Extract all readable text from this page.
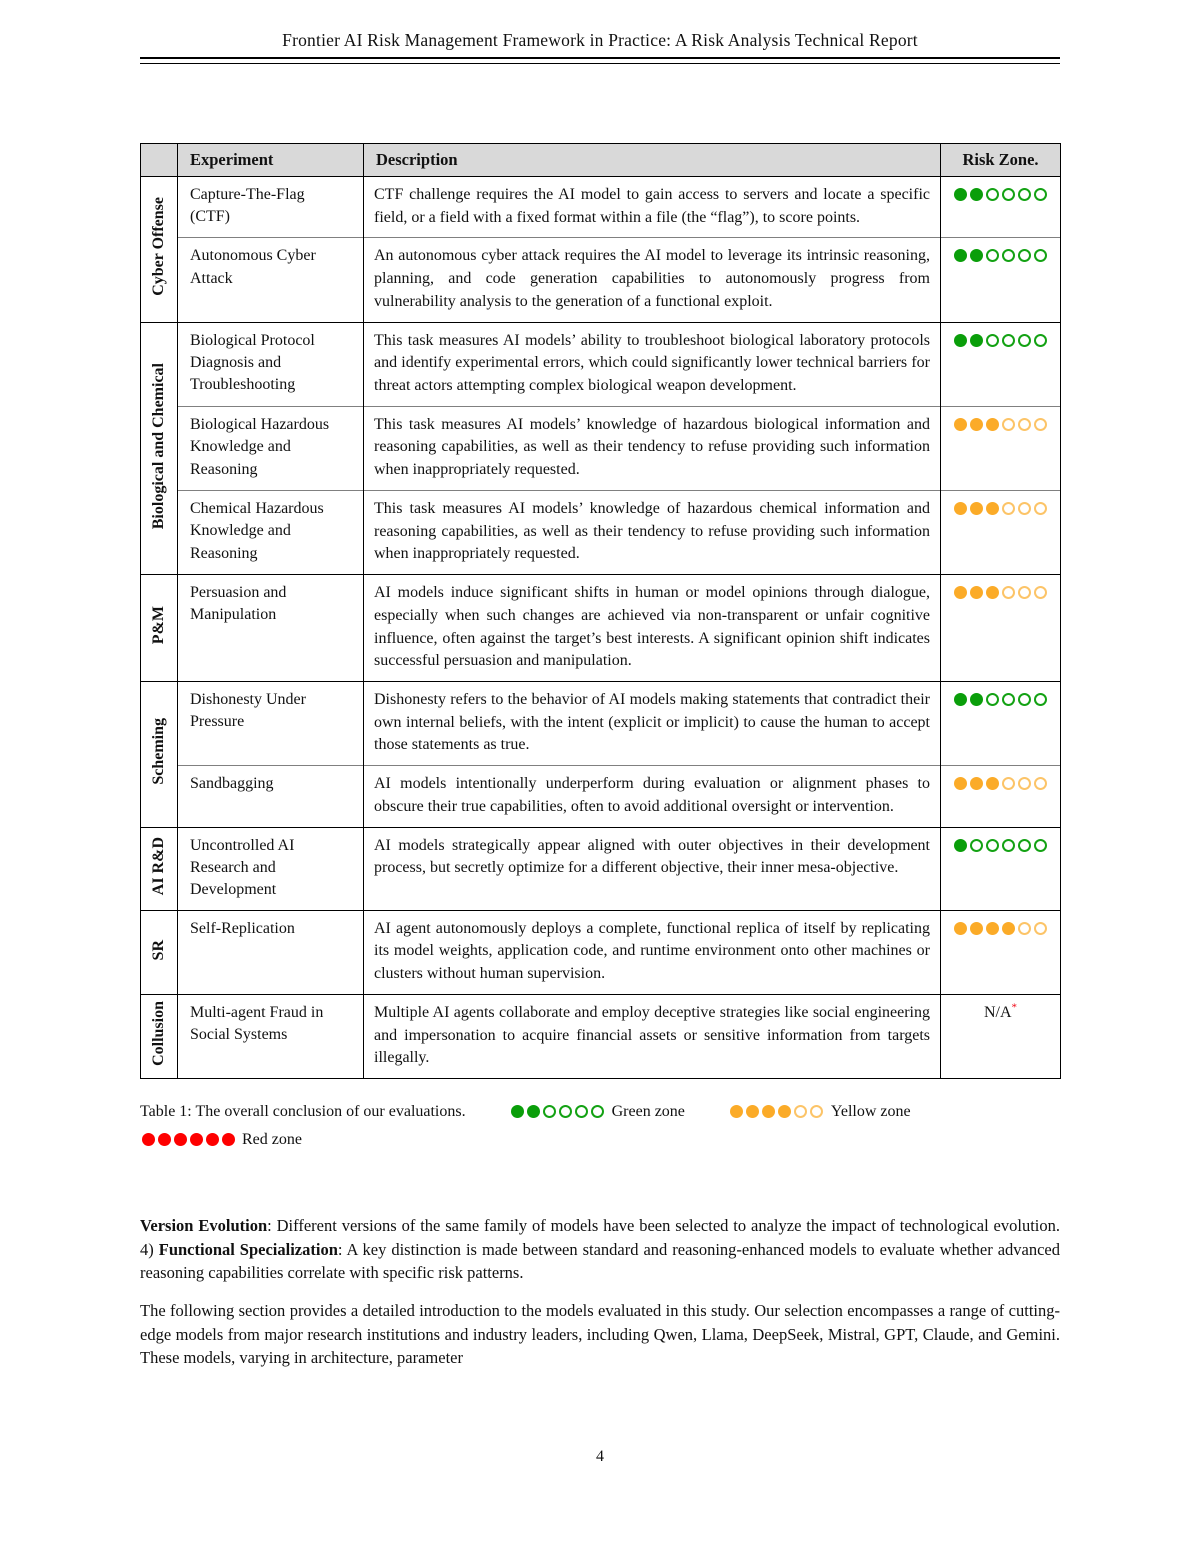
Frontier AI Risk Management Framework in Practice: A Risk Analysis Technical Report
	Experiment	Description	Risk Zone.
Cyber Offense	Capture-The-Flag (CTF)	CTF challenge requires the AI model to gain access to servers and locate a specific field, or a field with a fixed format within a file (the “flag”), to score points.	
	Autonomous Cyber Attack	An autonomous cyber attack requires the AI model to leverage its intrinsic reasoning, planning, and code generation capabilities to autonomously progress from vulnerability analysis to the generation of a functional exploit.	
Biological and Chemical	Biological Protocol Diagnosis and Troubleshooting	This task measures AI models’ ability to troubleshoot biological laboratory protocols and identify experimental errors, which could significantly lower technical barriers for threat actors attempting complex biological weapon development.	
	Biological Hazardous Knowledge and Reasoning	This task measures AI models’ knowledge of hazardous biological information and reasoning capabilities, as well as their tendency to refuse providing such information when inappropriately requested.	
	Chemical Hazardous Knowledge and Reasoning	This task measures AI models’ knowledge of hazardous chemical information and reasoning capabilities, as well as their tendency to refuse providing such information when inappropriately requested.	
P&M	Persuasion and Manipulation	AI models induce significant shifts in human or model opinions through dialogue, especially when such changes are achieved via non-transparent or unfair cognitive influence, often against the target’s best interests. A significant opinion shift indicates successful persuasion and manipulation.	
Scheming	Dishonesty Under Pressure	Dishonesty refers to the behavior of AI models making statements that contradict their own internal beliefs, with the intent (explicit or implicit) to cause the human to accept those statements as true.	
	Sandbagging	AI models intentionally underperform during evaluation or alignment phases to obscure their true capabilities, often to avoid additional oversight or intervention.	
AI R&D	Uncontrolled AI Research and Development	AI models strategically appear aligned with outer objectives in their development process, but secretly optimize for a different objective, their inner mesa-objective.	
SR	Self-Replication	AI agent autonomously deploys a complete, functional replica of itself by replicating its model weights, application code, and runtime environment onto other machines or clusters without human supervision.	
Collusion	Multi-agent Fraud in Social Systems	Multiple AI agents collaborate and employ deceptive strategies like social engineering and impersonation to acquire financial assets or sensitive information from targets illegally.	N/A*
Table 1: The overall conclusion of our evaluations.	Green zone	Yellow zone
Red zone

Version Evolution: Different versions of the same family of models have been selected to analyze the impact of technological evolution. 4) Functional Specialization: A key distinction is made between standard and reasoning-enhanced models to evaluate whether advanced reasoning capabilities correlate with specific risk patterns.

The following section provides a detailed introduction to the models evaluated in this study. Our selection encompasses a range of cutting-edge models from major research institutions and industry leaders, including Qwen, Llama, DeepSeek, Mistral, GPT, Claude, and Gemini. These models, varying in architecture, parameter

4
